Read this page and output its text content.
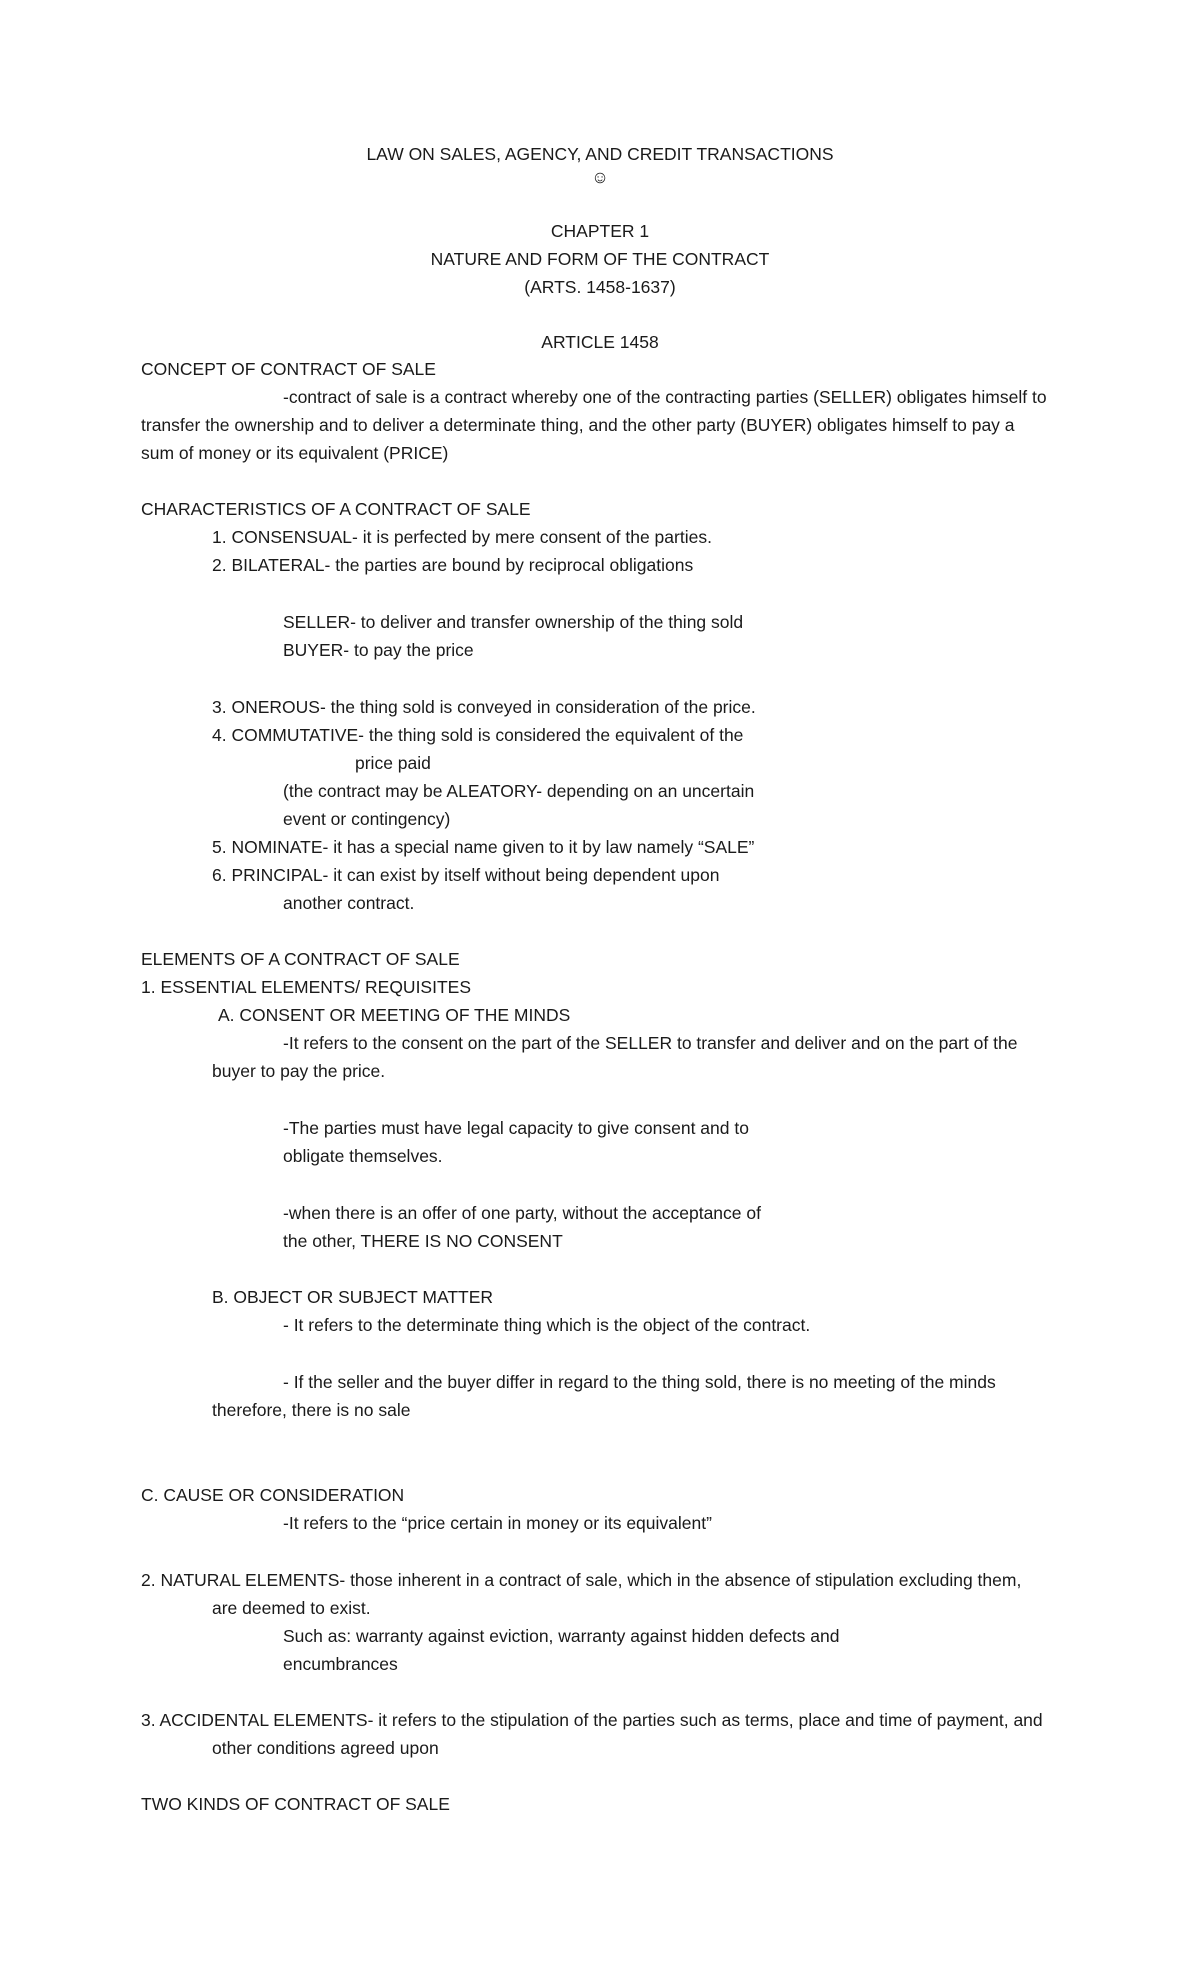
LAW ON SALES, AGENCY, AND CREDIT TRANSACTIONS
☺
CHAPTER 1
NATURE AND FORM OF THE CONTRACT
(ARTS. 1458-1637)
ARTICLE 1458
CONCEPT OF CONTRACT OF SALE
-contract of sale is a contract whereby one of the contracting parties (SELLER) obligates himself to
transfer the ownership and to deliver a determinate thing, and the other party (BUYER) obligates himself to pay a
sum of money or its equivalent (PRICE)
CHARACTERISTICS OF A CONTRACT OF SALE
1. CONSENSUAL- it is perfected by mere consent of the parties.
2. BILATERAL- the parties are bound by reciprocal obligations
SELLER- to deliver and transfer ownership of the thing sold
BUYER- to pay the price
3. ONEROUS- the thing sold is conveyed in consideration of the price.
4. COMMUTATIVE- the thing sold is considered the equivalent of the
price paid
(the contract may be ALEATORY- depending on an uncertain
event or contingency)
5. NOMINATE- it has a special name given to it by law namely “SALE”
6. PRINCIPAL- it can exist by itself without being dependent upon
another contract.
ELEMENTS OF A CONTRACT OF SALE
1. ESSENTIAL ELEMENTS/ REQUISITES
A. CONSENT OR MEETING OF THE MINDS
-It refers to the consent on the part of the SELLER to transfer and deliver and on the part of the
buyer to pay the price.
-The parties must have legal capacity to give consent and to
obligate themselves.
-when there is an offer of one party, without the acceptance of
the other, THERE IS NO CONSENT
B. OBJECT OR SUBJECT MATTER
- It refers to the determinate thing which is the object of the contract.
- If the seller and the buyer differ in regard to the thing sold, there is no meeting of the minds
therefore, there is no sale
C. CAUSE OR CONSIDERATION
-It refers to the “price certain in money or its equivalent”
2. NATURAL ELEMENTS- those inherent in a contract of sale, which in the absence of stipulation excluding them,
are deemed to exist.
Such as: warranty against eviction, warranty against hidden defects and
encumbrances
3. ACCIDENTAL ELEMENTS- it refers to the stipulation of the parties such as terms, place and time of payment, and
other conditions agreed upon
TWO KINDS OF CONTRACT OF SALE
